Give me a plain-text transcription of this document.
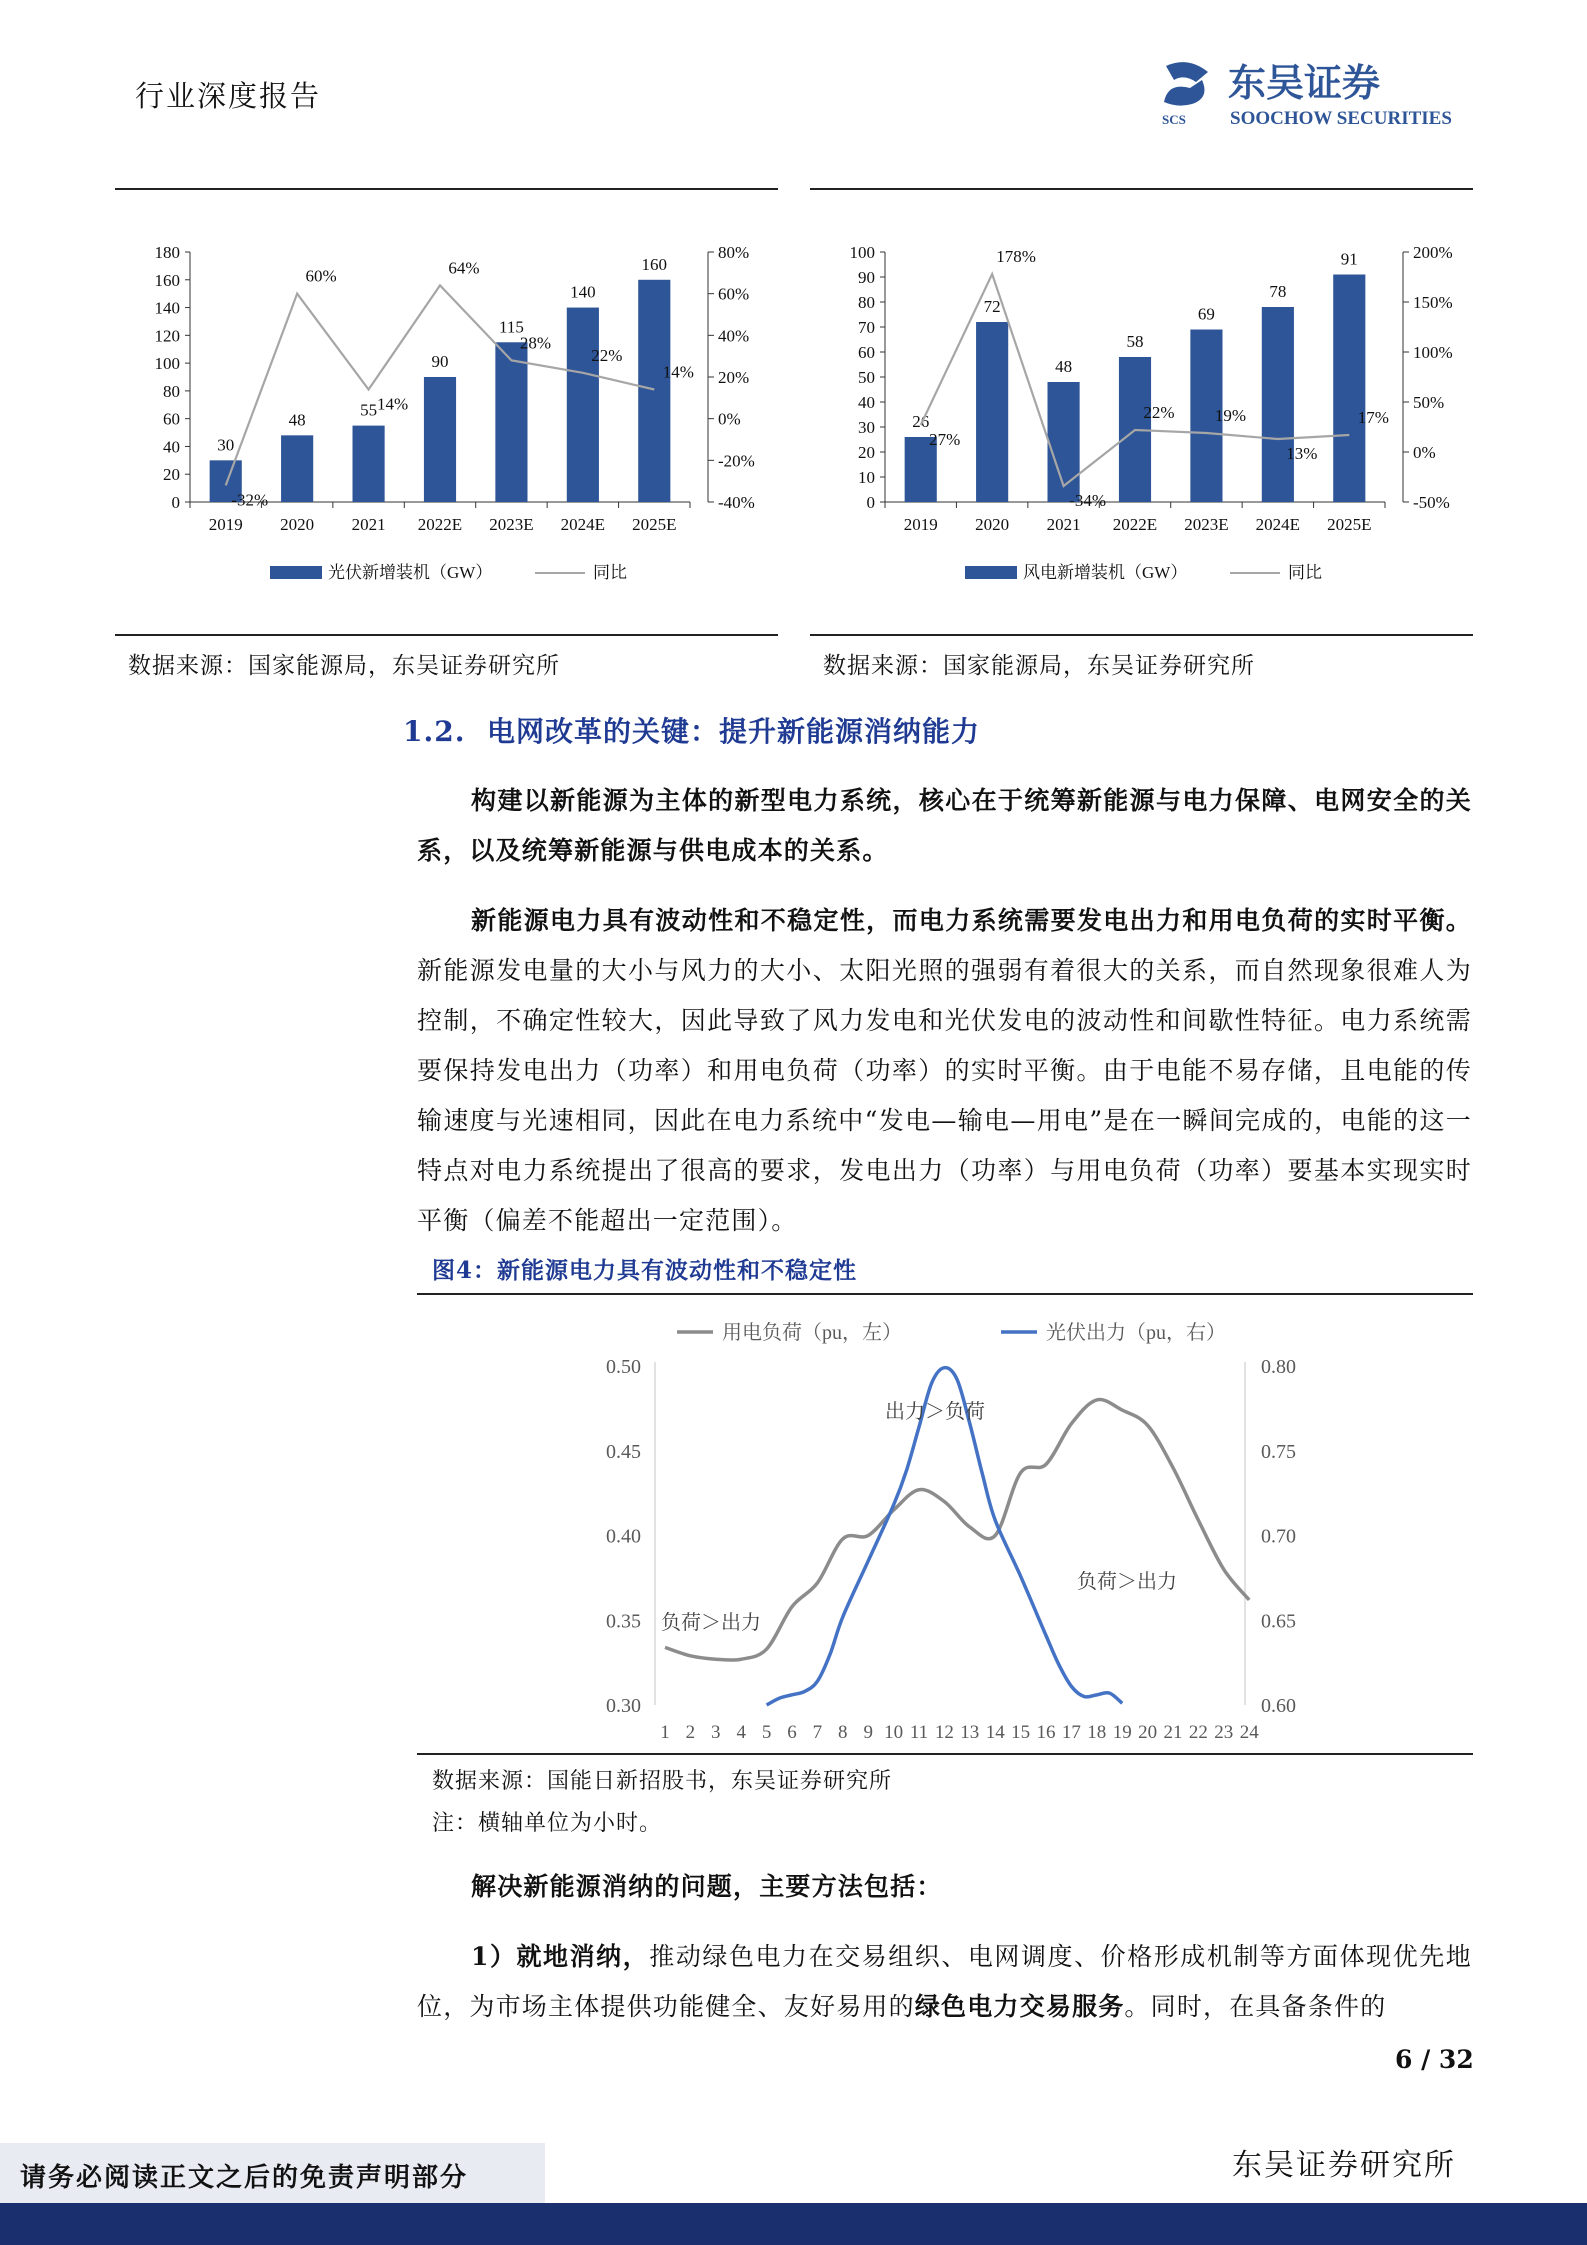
行业深度报告
SCS
东吴证券
SOOCHOW SECURITIES
0
20
40
60
80
100
120
140
160
180
-40%
-20%
0%
20%
40%
60%
80%
30
2019
48
2020
55
2021
90
2022E
115
2023E
140
2024E
160
2025E
-32%
60%
14%
64%
28%
22%
14%
光伏新增装机（GW）	同比
数据来源：国家能源局，东吴证券研究所
0
10
20
30
40
50
60
70
80
90
100
-50%
0%
50%
100%
150%
200%
26
2019
72
2020
48
2021
58
2022E
69
2023E
78
2024E
91
2025E
27%
178%
-34%
22% 19%
13%
17%
风电新增装机（GW）	同比
数据来源：国家能源局，东吴证券研究所
1.2. 电网改革的关键：提升新能源消纳能力
构建以新能源为主体的新型电力系统，核心在于统筹新能源与电力保障、电网安全的关系，以及统筹新能源与供电成本的关系。
新能源电力具有波动性和不稳定性，而电力系统需要发电出力和用电负荷的实时平衡。新能源发电量的大小与风力的大小、太阳光照的强弱有着很大的关系，而自然现象很难人为控制，不确定性较大，因此导致了风力发电和光伏发电的波动性和间歇性特征。电力系统需要保持发电出力（功率）和用电负荷（功率）的实时平衡。由于电能不易存储，且电能的传输速度与光速相同，因此在电力系统中“发电—输电—用电”是在一瞬间完成的，电能的这一特点对电力系统提出了很高的要求，发电出力（功率）与用电负荷（功率）要基本实现实时平衡（偏差不能超出一定范围）。
图4：新能源电力具有波动性和不稳定性
0.30
0.35
0.40
0.45
0.50
0.60
0.65
0.70
0.75
0.80
1 2 3 4 5 6 7 8 9 10 11 12 13 14 15 16 17 18 19 20 21 22 23 24
用电负荷（pu，左）	光伏出力（pu，右）
负荷＞出力
出力＞负荷
负荷＞出力
数据来源：国能日新招股书，东吴证券研究所
注：横轴单位为小时。
解决新能源消纳的问题，主要方法包括：
1）就地消纳，推动绿色电力在交易组织、电网调度、价格形成机制等方面体现优先地位，为市场主体提供功能健全、友好易用的绿色电力交易服务。同时，在具备条件的
6 / 32
东吴证券研究所
请务必阅读正文之后的免责声明部分
